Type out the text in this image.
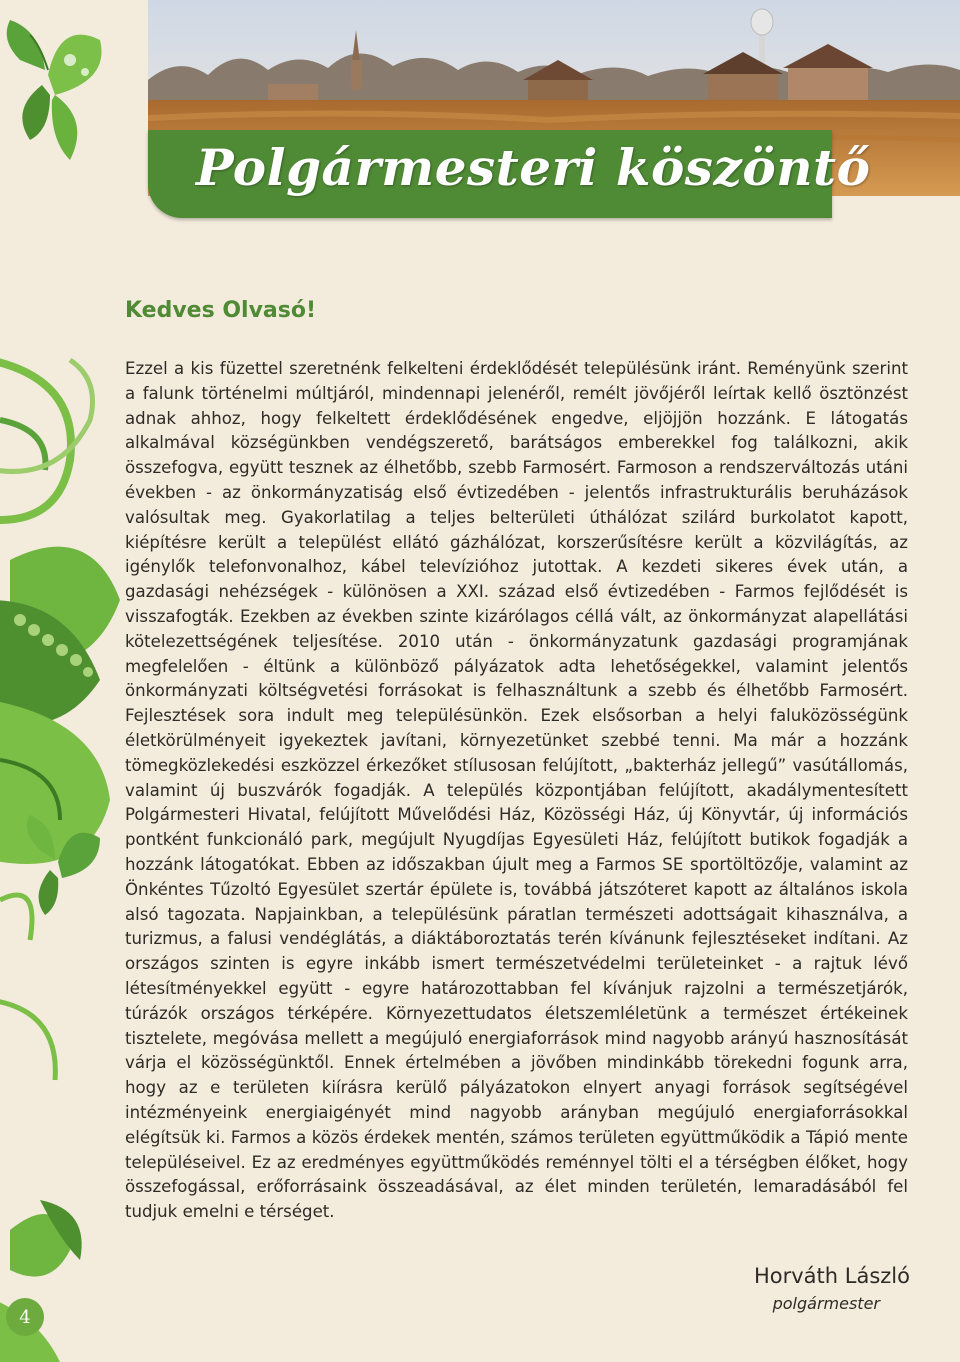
Polgármesteri köszöntő
Kedves Olvasó!

Ezzel a kis füzettel szeretnénk felkelteni érdeklődését településünk iránt. Reményünk szerint a falunk történelmi múltjáról, mindennapi jelenéről, remélt jövőjéről leírtak kellő ösztönzést adnak ahhoz, hogy felkeltett érdeklődésének engedve, eljöjjön hozzánk. E látogatás alkalmával községünkben vendégszerető, barátságos emberekkel fog találkozni, akik összefogva, együtt tesznek az élhetőbb, szebb Farmosért. Farmoson a rendszerváltozás utáni években - az önkormányzatiság első évtizedében - jelentős infrastrukturális beruházások valósultak meg. Gyakorlatilag a teljes belterületi úthálózat szilárd burkolatot kapott, kiépítésre került a települést ellátó gázhálózat, korszerűsítésre került a közvilágítás, az igénylők telefonvonalhoz, kábel televízióhoz jutottak. A kezdeti sikeres évek után, a gazdasági nehézségek - különösen a XXI. század első évtizedében - Farmos fejlődését is visszafogták. Ezekben az években szinte kizárólagos céllá vált, az önkormányzat alapellátási kötelezettségének teljesítése. 2010 után - önkormányzatunk gazdasági programjának megfelelően - éltünk a különböző pályázatok adta lehetőségekkel, valamint jelentős önkormányzati költségvetési forrásokat is felhasználtunk a szebb és élhetőbb Farmosért. Fejlesztések sora indult meg településünkön. Ezek elsősorban a helyi faluközösségünk életkörülményeit igyekeztek javítani, környezetünket szebbé tenni. Ma már a hozzánk tömegközlekedési eszközzel érkezőket stílusosan felújított, „bakterház jellegű” vasútállomás, valamint új buszvárók fogadják. A település központjában felújított, akadálymentesített Polgármesteri Hivatal, felújított Művelődési Ház, Közösségi Ház, új Könyvtár, új információs pontként funkcionáló park, megújult Nyugdíjas Egyesületi Ház, felújított butikok fogadják a hozzánk látogatókat. Ebben az időszakban újult meg a Farmos SE sportöltözője, valamint az Önkéntes Tűzoltó Egyesület szertár épülete is, továbbá játszóteret kapott az általános iskola alsó tagozata. Napjainkban, a településünk páratlan természeti adottságait kihasználva, a turizmus, a falusi vendéglátás, a diáktáboroztatás terén kívánunk fejlesztéseket indítani. Az országos szinten is egyre inkább ismert természetvédelmi területeinket - a rajtuk lévő létesítményekkel együtt - egyre határozottabban fel kívánjuk rajzolni a természetjárók, túrázók országos térképére. Környezettudatos életszemléletünk a természet értékeinek tisztelete, megóvása mellett a megújuló energiaforrások mind nagyobb arányú hasznosítását várja el közösségünktől. Ennek értelmében a jövőben mindinkább törekedni fogunk arra, hogy az e területen kiírásra kerülő pályázatokon elnyert anyagi források segítségével intézményeink energiaigényét mind nagyobb arányban megújuló energiaforrásokkal elégítsük ki. Farmos a közös érdekek mentén, számos területen együttműködik a Tápió mente településeivel. Ez az eredményes együttműködés reménnyel tölti el a térségben élőket, hogy összefogással, erőforrásaink összeadásával, az élet minden területén, lemaradásából fel tudjuk emelni e térséget.

Horváth László
polgármester
4
